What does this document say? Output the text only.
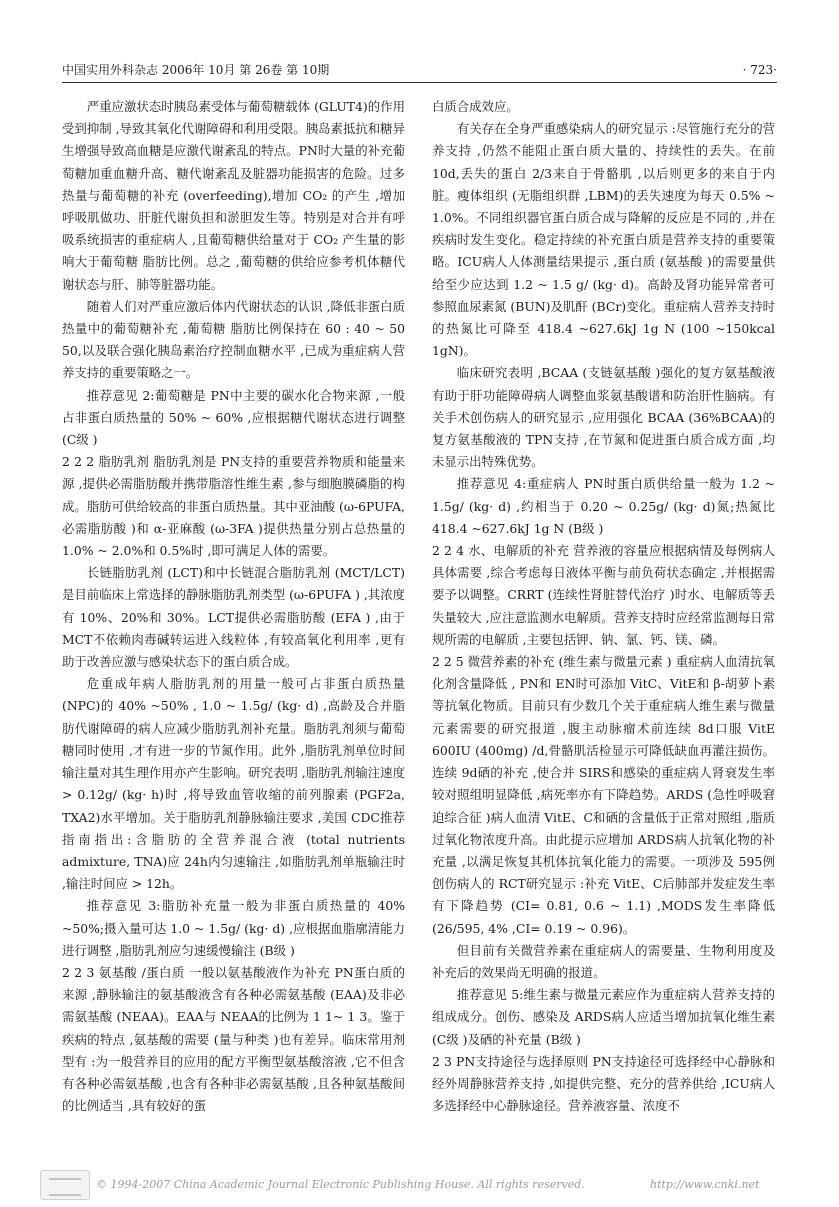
中国实用外科杂志 2006年 10月 第 26卷 第 10期	· 723·

严重应激状态时胰岛素受体与葡萄糖载体 (GLUT4)的作用受到抑制 ,导致其氧化代谢障碍和利用受限。胰岛素抵抗和糖异生增强导致高血糖是应激代谢紊乱的特点。PN时大量的补充葡萄糖加重血糖升高、糖代谢紊乱及脏器功能损害的危险。过多热量与葡萄糖的补充 (overfeeding),增加 CO₂ 的产生 ,增加呼吸肌做功、肝脏代谢负担和淤胆发生等。特别是对合并有呼吸系统损害的重症病人 ,且葡萄糖供给量对于 CO₂ 产生量的影响大于葡萄糖 脂肪比例。总之 ,葡萄糖的供给应参考机体糖代谢状态与肝、肺等脏器功能。

随着人们对严重应激后体内代谢状态的认识 ,降低非蛋白质热量中的葡萄糖补充 ,葡萄糖 脂肪比例保持在 60 : 40 ~ 50 50,以及联合强化胰岛素治疗控制血糖水平 ,已成为重症病人营养支持的重要策略之一。

推荐意见 2:葡萄糖是 PN中主要的碳水化合物来源 ,一般占非蛋白质热量的 50% ~ 60% ,应根据糖代谢状态进行调整 (C级 )

2 2 2 脂肪乳剂 脂肪乳剂是 PN支持的重要营养物质和能量来源 ,提供必需脂肪酸并携带脂溶性维生素 ,参与细胞膜磷脂的构成。脂肪可供给较高的非蛋白质热量。其中亚油酸 (ω-6PUFA,必需脂肪酸 )和 α-亚麻酸 (ω-3FA )提供热量分别占总热量的 1.0% ~ 2.0%和 0.5%时 ,即可满足人体的需要。

长链脂肪乳剂 (LCT)和中长链混合脂肪乳剂 (MCT/LCT)是目前临床上常选择的静脉脂肪乳剂类型 (ω-6PUFA ) ,其浓度有 10%、20%和 30%。LCT提供必需脂肪酸 (EFA ) ,由于 MCT不依赖肉毒碱转运进入线粒体 ,有较高氧化利用率 ,更有助于改善应激与感染状态下的蛋白质合成。

危重成年病人脂肪乳剂的用量一般可占非蛋白质热量 (NPC)的 40% ~50% , 1.0 ~ 1.5g/ (kg· d) ,高龄及合并脂肪代谢障碍的病人应减少脂肪乳剂补充量。脂肪乳剂须与葡萄糖同时使用 ,才有进一步的节氮作用。此外 ,脂肪乳剂单位时间输注量对其生理作用亦产生影响。研究表明 ,脂肪乳剂输注速度 > 0.12g/ (kg· h)时 ,将导致血管收缩的前列腺素 (PGF2a, TXA2)水平增加。关于脂肪乳剂静脉输注要求 ,美国 CDC推荐指南指出:含脂肪的全营养混合液 (total nutrients admixture, TNA)应 24h内匀速输注 ,如脂肪乳剂单瓶输注时 ,输注时间应 > 12h。

推荐意见 3:脂肪补充量一般为非蛋白质热量的 40% ~50%;摄入量可达 1.0 ~ 1.5g/ (kg· d) ,应根据血脂廓清能力进行调整 ,脂肪乳剂应匀速缓慢输注 (B级 )

2 2 3 氨基酸 /蛋白质 一般以氨基酸液作为补充 PN蛋白质的来源 ,静脉输注的氨基酸液含有各种必需氨基酸 (EAA)及非必需氨基酸 (NEAA)。EAA与 NEAA的比例为 1 1~ 1 3。鉴于疾病的特点 ,氨基酸的需要 (量与种类 )也有差异。临床常用剂型有 :为一般营养目的应用的配方平衡型氨基酸溶液 ,它不但含有各种必需氨基酸 ,也含有各种非必需氨基酸 ,且各种氨基酸间的比例适当 ,具有较好的蛋

白质合成效应。

有关存在全身严重感染病人的研究显示 :尽管施行充分的营养支持 ,仍然不能阻止蛋白质大量的、持续性的丢失。在前 10d,丢失的蛋白 2/3来自于骨骼肌 ,以后则更多的来自于内脏。瘦体组织 (无脂组织群 ,LBM)的丢失速度为每天 0.5% ~ 1.0%。不同组织器官蛋白质合成与降解的反应是不同的 ,并在疾病时发生变化。稳定持续的补充蛋白质是营养支持的重要策略。ICU病人人体测量结果提示 ,蛋白质 (氨基酸 )的需要量供给至少应达到 1.2 ~ 1.5 g/ (kg· d)。高龄及肾功能异常者可参照血尿素氮 (BUN)及肌酐 (BCr)变化。重症病人营养支持时的热氮比可降至 418.4 ~627.6kJ 1g N (100 ~150kcal 1gN)。

临床研究表明 ,BCAA (支链氨基酸 )强化的复方氨基酸液有助于肝功能障碍病人调整血浆氨基酸谱和防治肝性脑病。有关手术创伤病人的研究显示 ,应用强化 BCAA (36%BCAA)的复方氨基酸液的 TPN支持 ,在节氮和促进蛋白质合成方面 ,均未显示出特殊优势。

推荐意见 4:重症病人 PN时蛋白质供给量一般为 1.2 ~ 1.5g/ (kg· d) ,约相当于 0.20 ~ 0.25g/ (kg· d)氮;热氮比 418.4 ~627.6kJ 1g N (B级 )

2 2 4 水、电解质的补充 营养液的容量应根据病情及每例病人具体需要 ,综合考虑每日液体平衡与前负荷状态确定 ,并根据需要予以调整。CRRT (连续性肾脏替代治疗 )时水、电解质等丢失量较大 ,应注意监测水电解质。营养支持时应经常监测每日常规所需的电解质 ,主要包括钾、钠、氯、钙、镁、磷。

2 2 5 微营养素的补充 (维生素与微量元素 ) 重症病人血清抗氧化剂含量降低 , PN和 EN时可添加 VitC、VitE和 β-胡萝卜素等抗氧化物质。目前只有少数几个关于重症病人维生素与微量元素需要的研究报道 ,腹主动脉瘤术前连续 8d口服 VitE 600IU (400mg) /d,骨骼肌活检显示可降低缺血再灌注损伤。连续 9d硒的补充 ,使合并 SIRS和感染的重症病人肾衰发生率较对照组明显降低 ,病死率亦有下降趋势。ARDS (急性呼吸窘迫综合征 )病人血清 VitE、C和硒的含量低于正常对照组 ,脂质过氧化物浓度升高。由此提示应增加 ARDS病人抗氧化物的补充量 ,以满足恢复其机体抗氧化能力的需要。一项涉及 595例创伤病人的 RCT研究显示 :补充 VitE、C后肺部并发症发生率有下降趋势 (CI= 0.81, 0.6 ~ 1.1) ,MODS发生率降低 (26/595, 4% ,CI= 0.19 ~ 0.96)。

但目前有关微营养素在重症病人的需要量、生物利用度及补充后的效果尚无明确的报道。

推荐意见 5:维生素与微量元素应作为重症病人营养支持的组成成分。创伤、感染及 ARDS病人应适当增加抗氧化维生素 (C级 )及硒的补充量 (B级 )

2 3 PN支持途径与选择原则 PN支持途径可选择经中心静脉和经外周静脉营养支持 ,如提供完整、充分的营养供给 ,ICU病人多选择经中心静脉途径。营养液容量、浓度不

© 1994-2007 China Academic Journal Electronic Publishing House. All rights reserved.	http://www.cnki.net
